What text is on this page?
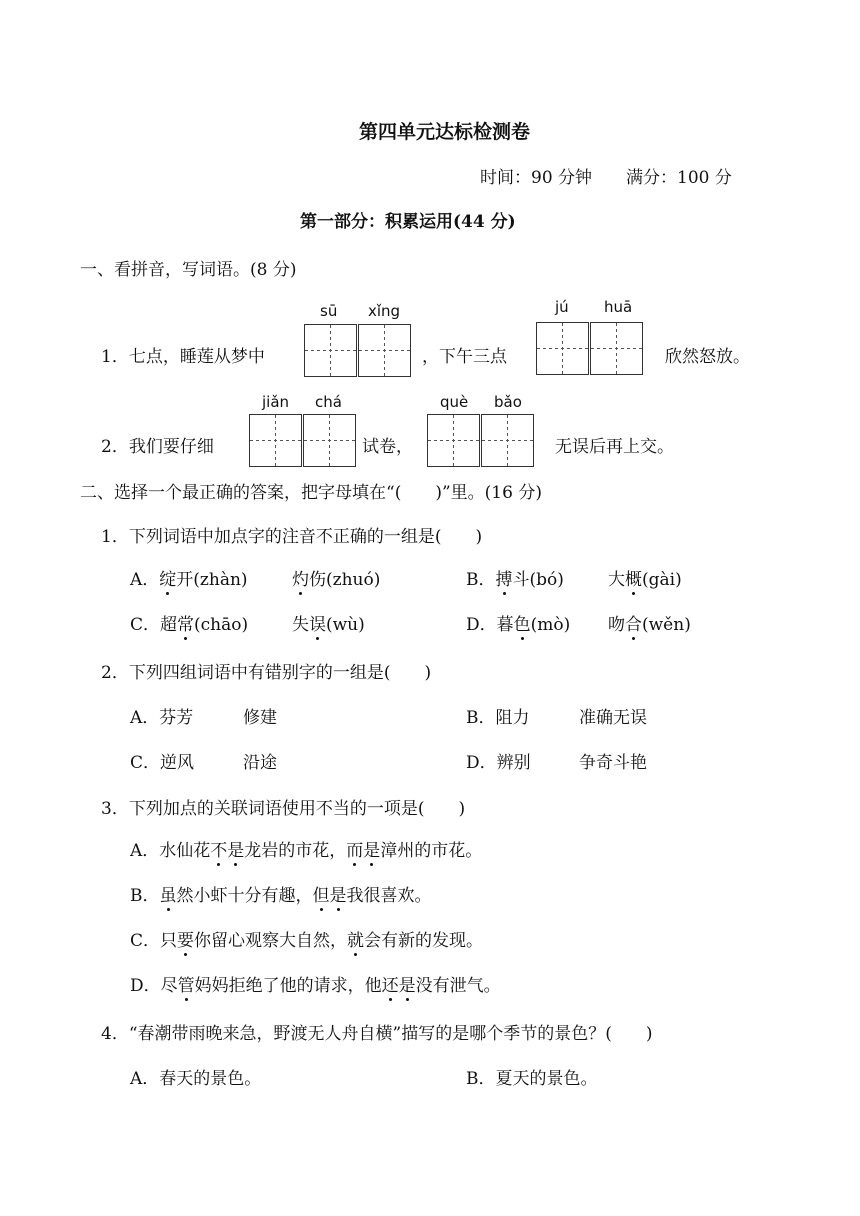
第四单元达标检测卷
时间：90 分钟 满分：100 分
第一部分：积累运用(44 分)
一、看拼音，写词语。(8 分)
sū xǐng	jú huā
1．七点，睡莲从梦中	，下午三点	欣然怒放。
jiǎn chá	què bǎo
2．我们要仔细	试卷，	无误后再上交。
二、选择一个最正确的答案，把字母填在“(　　)”里。(16 分)
1．下列词语中加点字的注音不正确的一组是(　　)
A．绽开(zhàn)	灼伤(zhuó)	B．搏斗(bó)	大概(gài)
C．超常(chāo)	失误(wù)	D．暮色(mò) 吻合(wěn)
2．下列四组词语中有错别字的一组是(　　)
A．芬芳	修建	B．阻力	准确无误
C．逆风	沿途	D．辨别	争奇斗艳
3．下列加点的关联词语使用不当的一项是(　　)
A．水仙花不是龙岩的市花，而是漳州的市花。
B．虽然小虾十分有趣，但是我很喜欢。
C．只要你留心观察大自然，就会有新的发现。
D．尽管妈妈拒绝了他的请求，他还是没有泄气。
4．“春潮带雨晚来急，野渡无人舟自横”描写的是哪个季节的景色？(　　)
A．春天的景色。	B．夏天的景色。
